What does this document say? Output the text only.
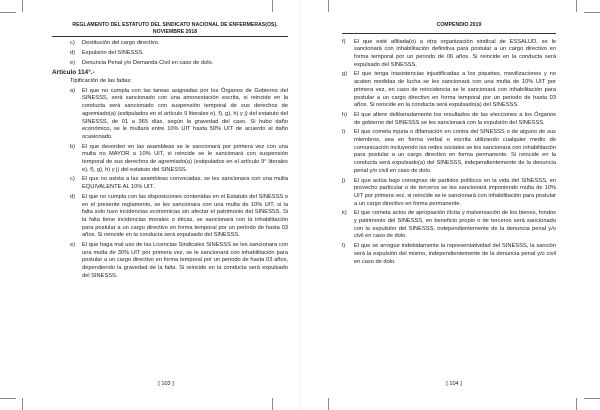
REGLAMENTO DEL ESTATUTO DEL SINDICATO NACIONAL DE ENFERMERAS(OS).
NOVIEMBRE 2018
c)	Destitución del cargo directivo.
d)	Expulsión del SINESSS.
e)	Denuncia Penal y/o Demanda Civil en caso de dolo.
Artículo 114°.-
Tipificación de las faltas:
a)	El que no cumpla con las tareas asignadas por los Órganos de Gobierno del SINESSS, será sancionado con una amonestación escrita, si reincide en la conducta será sancionado con suspensión temporal de sus derechos de agremiado(a) (estipulados en el artículo 9 literales e), f), g), h) y j) del estatuto del SINESSS, de 01 a 365 días, según la gravedad del caso. Si hubo daño económico, se le multará entre 10% UIT hasta 50% UIT de acuerdo al daño ocasionado.
b)	El que desorden en las asambleas se le sancionará por primera vez con una multa no MAYOR a 10% UIT, si reincide se le sancionará con suspensión temporal de sus derechos de agremiado(a) (estipulados en el artículo 9° literales e), f), g), h) y j) del estatuto del SINESSS.
c)	El que no asista a las asambleas convocadas, se les sancionara con una multa EQUIVALENTE AL 10% UIT.
d)	El que no cumpla con las disposiciones contenidas en el Estatuto del SINESSS o en el presente reglamento, se les sancionara con una multa de 10% UIT, si la falta solo tuvo incidencias económicas sin afectar el patrimonio del SINESSS. Si la falta tiene incidencias morales o éticas, se sancionará con la inhabilitación para postular a un cargo directivo en forma temporal por un periodo de hasta 03 años. Si reincide en la conducta será expulsado del SINESSS.
e)	El que haga mal uso de las Licencias Sindicales SINESSS se les sancionara con una multa de 30% UIT por primera vez, se le sancionará con inhabilitación para postular a un cargo directivo en forma temporal por un periodo de hasta 03 años, dependiendo la gravedad de la falta. Si reincide en la conducta será expulsado del SINESSS.
[ 103 ]
COMPENDIO 2019
f)	El que esté afiliada(o) a otra organización sindical de ESSALUD, se le sancionará con inhabilitación definitiva para postular a un cargo directivo en forma temporal por un periodo de 06 años. Si reincide en la conducta será expulsado del SINESSS.
g)	El que tenga inasistencias injustificadas a los piquetes, movilizaciones y no acaten medidas de lucha se les sancionará con una multa de 10% UIT por primera vez, en caso de reincidencia se le sancionará con inhabilitación para postular a un cargo directivo en forma temporal por un periodo de hasta 03 años. Si reincide en la conducta será expulsado(a) del SINESSS.
h)	El que altere deliberadamente los resultados de las elecciones a los Órganos de gobierno del SINESSS se les sancionará con la expulsión del SINESSS.
i)	El que cometa injuria o difamación en contra del SINESSS o de alguno de sus miembros, sea en forma verbal o escrita utilizando cualquier medio de comunicación incluyendo las redes sociales se les sancionara con inhabilitación para postular a un cargo directivo en forma permanente. Si reincide en la conducta será expulsado(a) del SINESSS, independientemente de la denuncia penal y/o civil en caso de dolo.
j)	El que actúa bajo consignas de partidos políticos en la vida del SINESSS, en provecho particular o de terceros se les sancionará imponiendo multa de 10% UIT por primera vez, si reincide se le sancionará con inhabilitación para postular a un cargo directivo en forma permanente.
k)	El que cometa actos de apropiación ilícita y malversación de los bienes, fondos y patrimonio del SINESSS, en beneficio propio o de terceros será sancionado con la expulsión del SINESSS, independientemente de la denuncia penal y/o civil en caso de dolo.
l)	El que se arrogue indebidamente la representatividad del SINESSS, la sanción será la expulsión del mismo, independientemente de la denuncia penal y/o civil en caso de dolo.
[ 104 ]
